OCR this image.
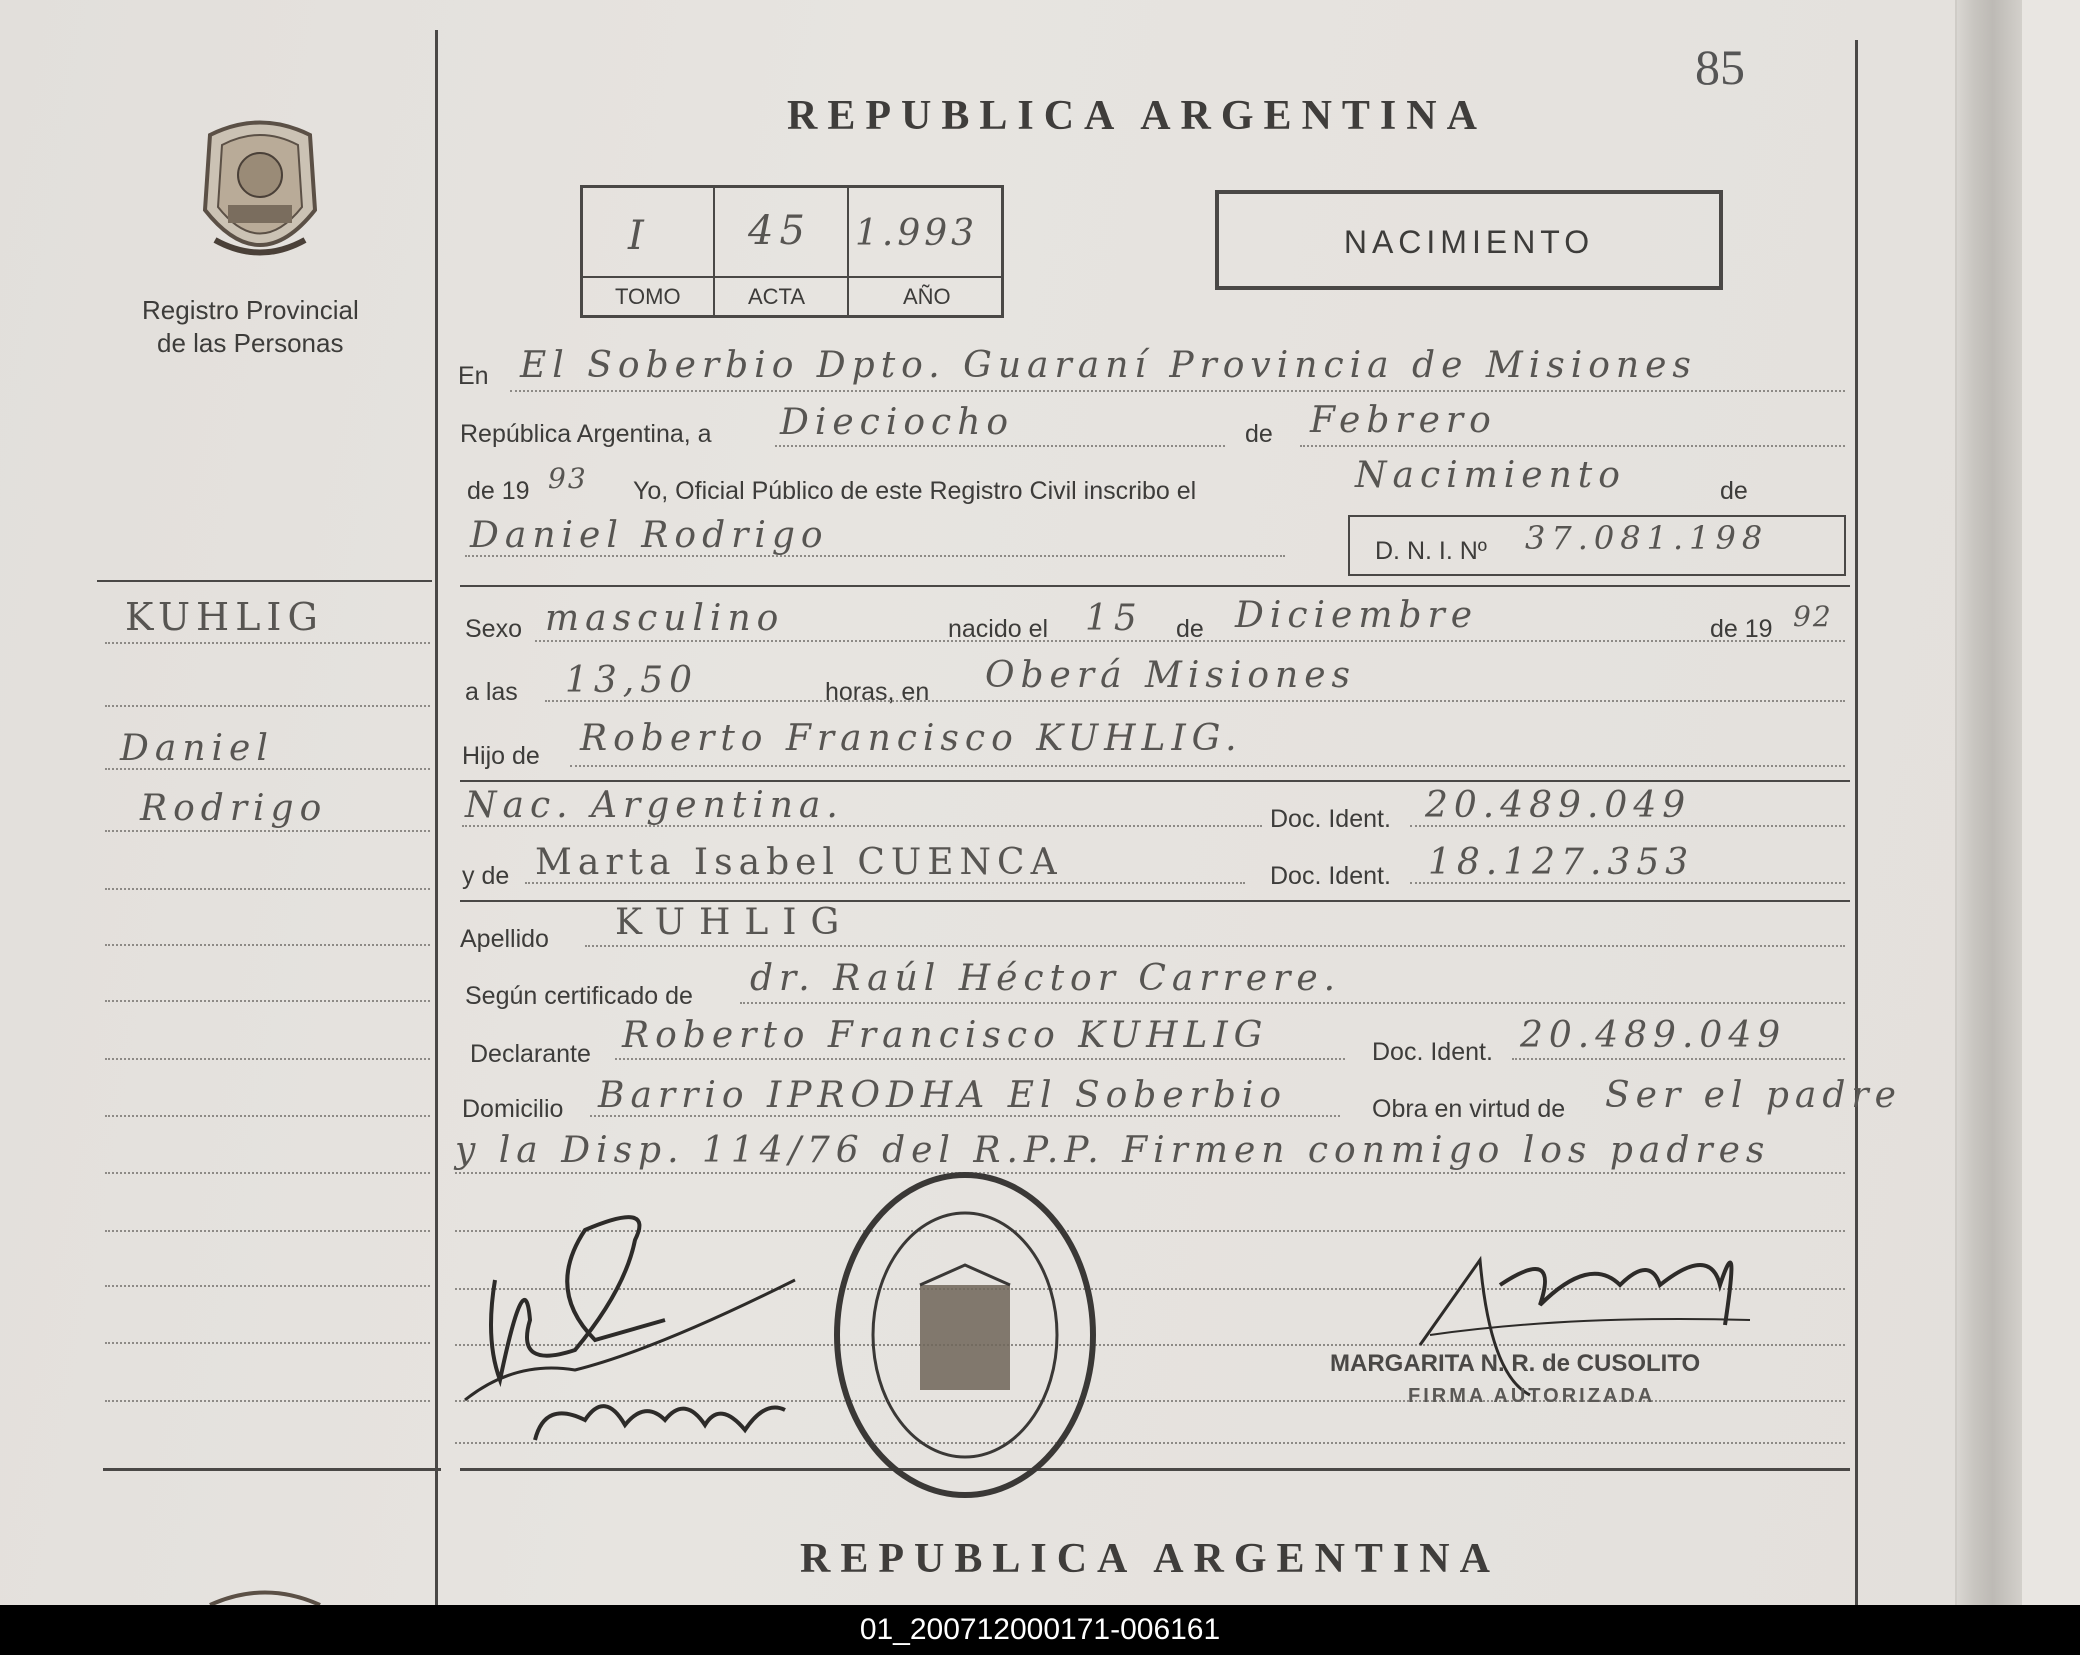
85
Registro Provincial
de las Personas
REPUBLICA ARGENTINA
I 45 1.993
TOMO	ACTA	AÑO
NACIMIENTO
En El Soberbio Dpto. Guaraní Provincia de Misiones
República Argentina, a Dieciocho	de Febrero
de 19 93 Yo, Oficial Público de este Registro Civil inscribo el	Nacimiento	de
Daniel Rodrigo	D. N. I. Nº 37.081.198
KUHLIG
Daniel
Rodrigo
Sexo masculino	nacido el 15 de Diciembre	de 19 92
a las 13,50	horas, en Oberá Misiones
Hijo de Roberto Francisco KUHLIG.
Nac. Argentina.	Doc. Ident. 20.489.049
y de Marta Isabel CUENCA	Doc. Ident. 18.127.353
Apellido KUHLIG
Según certificado de dr. Raúl Héctor Carrere.
Declarante Roberto Francisco KUHLIG	Doc. Ident. 20.489.049
Domicilio Barrio IPRODHA El Soberbio	Obra en virtud de Ser el padre
y la Disp. 114/76 del R.P.P. Firmen conmigo los padres
MARGARITA N. R. de CUSOLITO
FIRMA AUTORIZADA
REPUBLICA ARGENTINA
01_200712000171-006161
